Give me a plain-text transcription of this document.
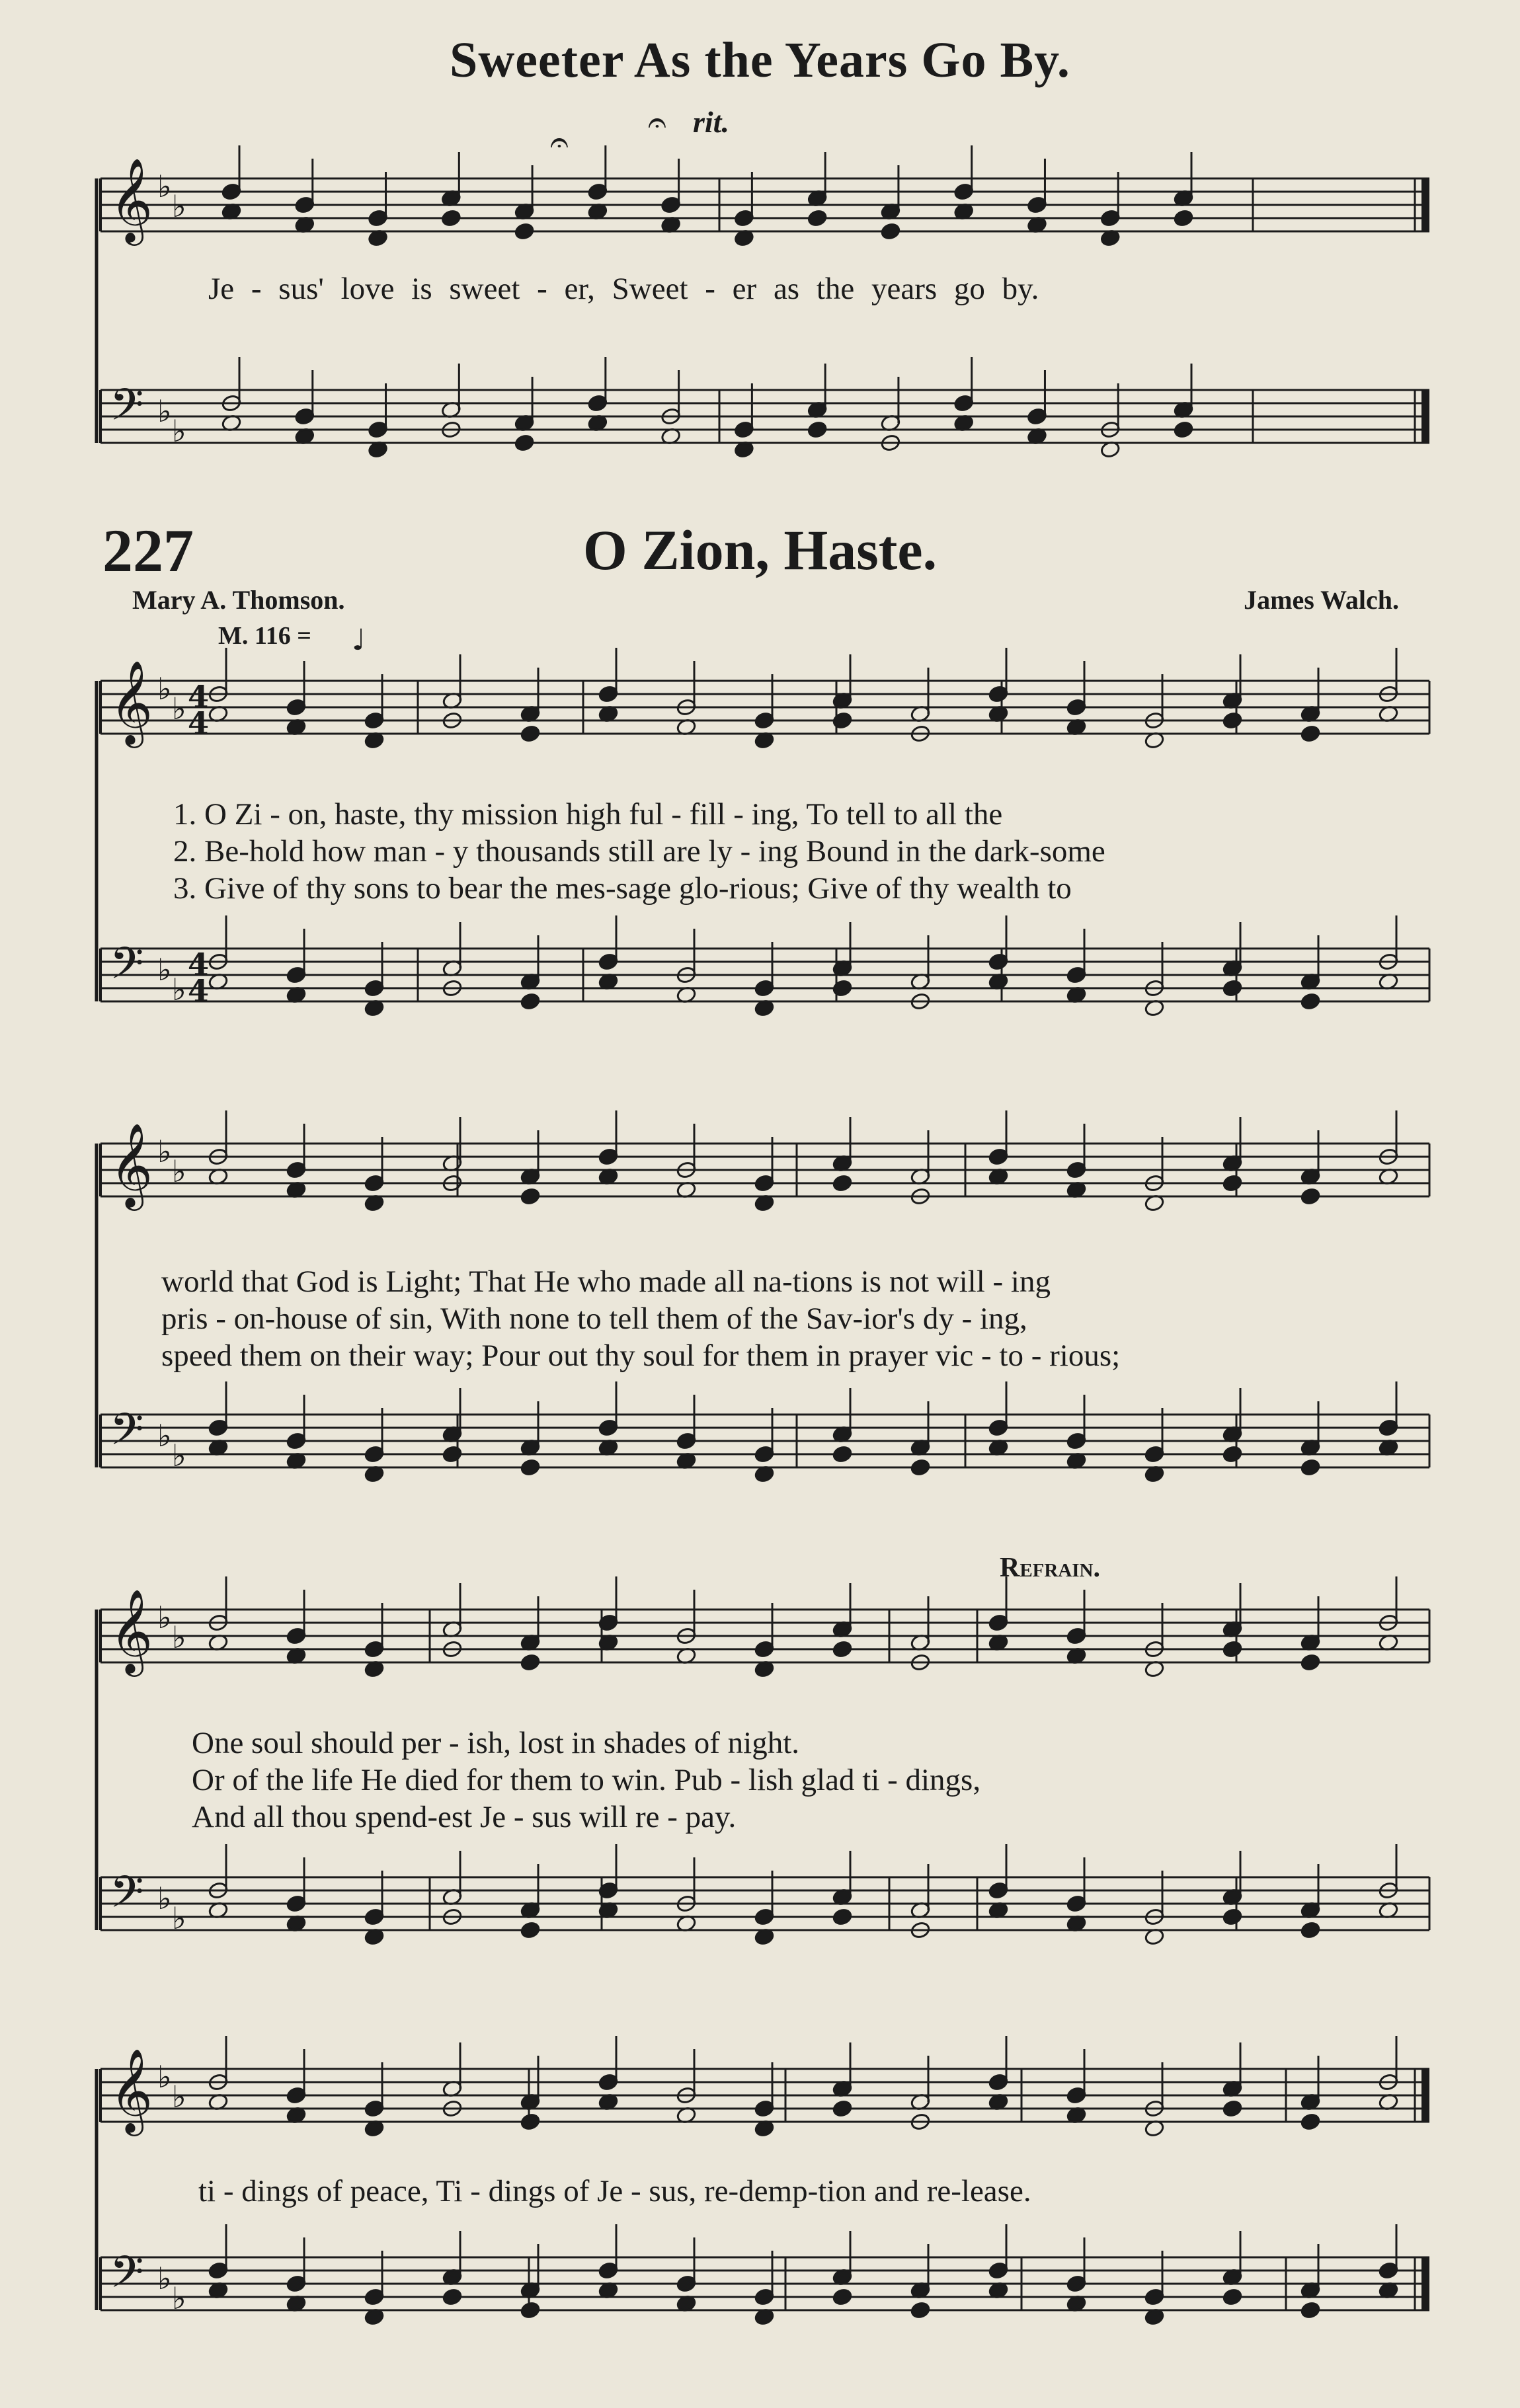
𝄞 ♭
♭
𝄢 ♭
♭
𝄐
𝄐
𝄞 ♭
♭
𝄢 ♭
♭
𝄞 ♭
♭
𝄢 ♭
♭
𝄞 ♭
♭
𝄢 ♭
♭
𝄞 ♭
♭
𝄢 ♭
♭
4
4
4
4
♩
Sweeter As the Years Go By.
rit.
Je - sus' love is sweet - er, Sweet - er as the years go by.
227	O Zion, Haste.
Mary A. Thomson.	James Walch.
M. 116 =
1. O Zi - on, haste, thy mission high ful - fill - ing, To tell to all the
2. Be-hold how man - y thousands still are ly - ing Bound in the dark-some
3. Give of thy sons to bear the mes-sage glo-rious; Give of thy wealth to
world that God is Light; That He who made all na-tions is not will - ing
pris - on-house of sin, With none to tell them of the Sav-ior's dy - ing,
speed them on their way; Pour out thy soul for them in prayer vic - to - rious;
Refrain.
One soul should per - ish, lost in shades of night.
Or of the life He died for them to win. Pub - lish glad ti - dings,
And all thou spend-est Je - sus will re - pay.
ti - dings of peace, Ti - dings of Je - sus, re-demp-tion and re-lease.
